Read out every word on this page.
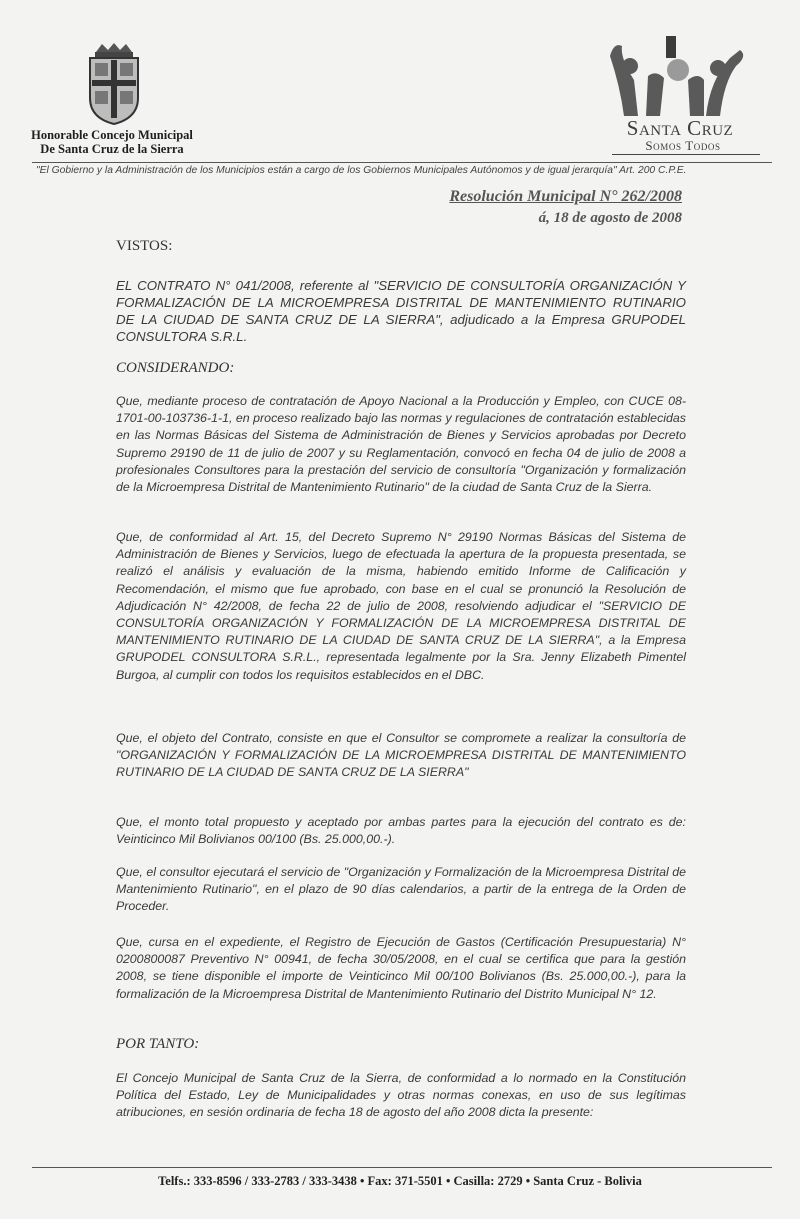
Honorable Concejo Municipal
De Santa Cruz de la Sierra
Santa Cruz
Somos Todos
"El Gobierno y la Administración de los Municipios están a cargo de los Gobiernos Municipales Autónomos y de igual jerarquía" Art. 200 C.P.E.
Resolución Municipal N° 262/2008
á, 18 de agosto de 2008
VISTOS:
EL CONTRATO N° 041/2008, referente al "SERVICIO DE CONSULTORÍA ORGANIZACIÓN Y FORMALIZACIÓN DE LA MICROEMPRESA DISTRITAL DE MANTENIMIENTO RUTINARIO DE LA CIUDAD DE SANTA CRUZ DE LA SIERRA", adjudicado a la Empresa GRUPODEL CONSULTORA S.R.L.
CONSIDERANDO:
Que, mediante proceso de contratación de Apoyo Nacional a la Producción y Empleo, con CUCE 08-1701-00-103736-1-1, en proceso realizado bajo las normas y regulaciones de contratación establecidas en las Normas Básicas del Sistema de Administración de Bienes y Servicios aprobadas por Decreto Supremo 29190 de 11 de julio de 2007 y su Reglamentación, convocó en fecha 04 de julio de 2008 a profesionales Consultores para la prestación del servicio de consultoría "Organización y formalización de la Microempresa Distrital de Mantenimiento Rutinario" de la ciudad de Santa Cruz de la Sierra.
Que, de conformidad al Art. 15, del Decreto Supremo N° 29190 Normas Básicas del Sistema de Administración de Bienes y Servicios, luego de efectuada la apertura de la propuesta presentada, se realizó el análisis y evaluación de la misma, habiendo emitido Informe de Calificación y Recomendación, el mismo que fue aprobado, con base en el cual se pronunció la Resolución de Adjudicación N° 42/2008, de fecha 22 de julio de 2008, resolviendo adjudicar el "SERVICIO DE CONSULTORÍA ORGANIZACIÓN Y FORMALIZACIÓN DE LA MICROEMPRESA DISTRITAL DE MANTENIMIENTO RUTINARIO DE LA CIUDAD DE SANTA CRUZ DE LA SIERRA", a la Empresa GRUPODEL CONSULTORA S.R.L., representada legalmente por la Sra. Jenny Elizabeth Pimentel Burgoa, al cumplir con todos los requisitos establecidos en el DBC.
Que, el objeto del Contrato, consiste en que el Consultor se compromete a realizar la consultoría de "ORGANIZACIÓN Y FORMALIZACIÓN DE LA MICROEMPRESA DISTRITAL DE MANTENIMIENTO RUTINARIO DE LA CIUDAD DE SANTA CRUZ DE LA SIERRA"
Que, el monto total propuesto y aceptado por ambas partes para la ejecución del contrato es de: Veinticinco Mil Bolivianos 00/100 (Bs. 25.000,00.-).
Que, el consultor ejecutará el servicio de "Organización y Formalización de la Microempresa Distrital de Mantenimiento Rutinario", en el plazo de 90 días calendarios, a partir de la entrega de la Orden de Proceder.
Que, cursa en el expediente, el Registro de Ejecución de Gastos (Certificación Presupuestaria) N° 0200800087 Preventivo N° 00941, de fecha 30/05/2008, en el cual se certifica que para la gestión 2008, se tiene disponible el importe de Veinticinco Mil 00/100 Bolivianos (Bs. 25.000,00.-), para la formalización de la Microempresa Distrital de Mantenimiento Rutinario del Distrito Municipal N° 12.
POR TANTO:
El Concejo Municipal de Santa Cruz de la Sierra, de conformidad a lo normado en la Constitución Política del Estado, Ley de Municipalidades y otras normas conexas, en uso de sus legítimas atribuciones, en sesión ordinaria de fecha 18 de agosto del año 2008 dicta la presente:
Telfs.: 333-8596 / 333-2783 / 333-3438 • Fax: 371-5501 • Casilla: 2729 • Santa Cruz - Bolivia
